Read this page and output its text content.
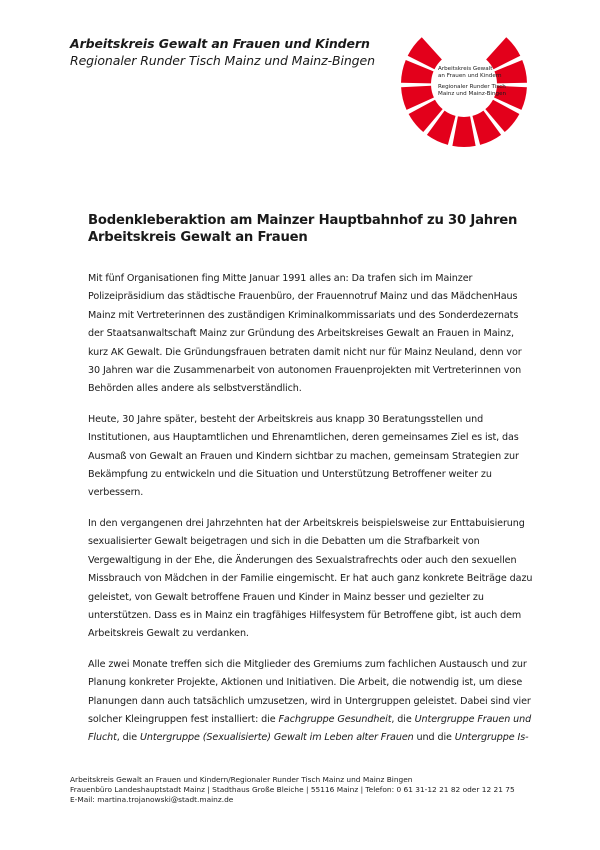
Arbeitskreis Gewalt an Frauen und Kindern
Regionaler Runder Tisch Mainz und Mainz-Bingen
Arbeitskreis Gewalt
an Frauen und Kindern
Regionaler Runder Tisch
Mainz und Mainz-Bingen
Bodenkleberaktion am Mainzer Hauptbahnhof zu 30 Jahren Arbeitskreis Gewalt an Frauen

Mit fünf Organisationen fing Mitte Januar 1991 alles an: Da trafen sich im Mainzer Polizeipräsidium das städtische Frauenbüro, der Frauennotruf Mainz und das MädchenHaus Mainz mit Vertreterinnen des zuständigen Kriminalkommissariats und des Sonderdezernats der Staatsanwaltschaft Mainz zur Gründung des Arbeitskreises Gewalt an Frauen in Mainz, kurz AK Gewalt. Die Gründungsfrauen betraten damit nicht nur für Mainz Neuland, denn vor 30 Jahren war die Zusammenarbeit von autonomen Frauenprojekten mit Vertreterinnen von Behörden alles andere als selbstverständlich.

Heute, 30 Jahre später, besteht der Arbeitskreis aus knapp 30 Beratungsstellen und Institutionen, aus Hauptamtlichen und Ehrenamtlichen, deren gemeinsames Ziel es ist, das Ausmaß von Gewalt an Frauen und Kindern sichtbar zu machen, gemeinsam Strategien zur Bekämpfung zu entwickeln und die Situation und Unterstützung Betroffener weiter zu verbessern.

In den vergangenen drei Jahrzehnten hat der Arbeitskreis beispielsweise zur Enttabuisierung sexualisierter Gewalt beigetragen und sich in die Debatten um die Strafbarkeit von Vergewaltigung in der Ehe, die Änderungen des Sexualstrafrechts oder auch den sexuellen Missbrauch von Mädchen in der Familie eingemischt. Er hat auch ganz konkrete Beiträge dazu geleistet, von Gewalt betroffene Frauen und Kinder in Mainz besser und gezielter zu unterstützen. Dass es in Mainz ein tragfähiges Hilfesystem für Betroffene gibt, ist auch dem Arbeitskreis Gewalt zu verdanken.

Alle zwei Monate treffen sich die Mitglieder des Gremiums zum fachlichen Austausch und zur Planung konkreter Projekte, Aktionen und Initiativen. Die Arbeit, die notwendig ist, um diese Planungen dann auch tatsächlich umzusetzen, wird in Untergruppen geleistet. Dabei sind vier solcher Kleingruppen fest installiert: die Fachgruppe Gesundheit, die Untergruppe Frauen und Flucht, die Untergruppe (Sexualisierte) Gewalt im Leben alter Frauen und die Untergruppe Is-

Arbeitskreis Gewalt an Frauen und Kindern/Regionaler Runder Tisch Mainz und Mainz Bingen
Frauenbüro Landeshauptstadt Mainz | Stadthaus Große Bleiche | 55116 Mainz | Telefon: 0 61 31-12 21 82 oder 12 21 75
E-Mail: martina.trojanowski@stadt.mainz.de
